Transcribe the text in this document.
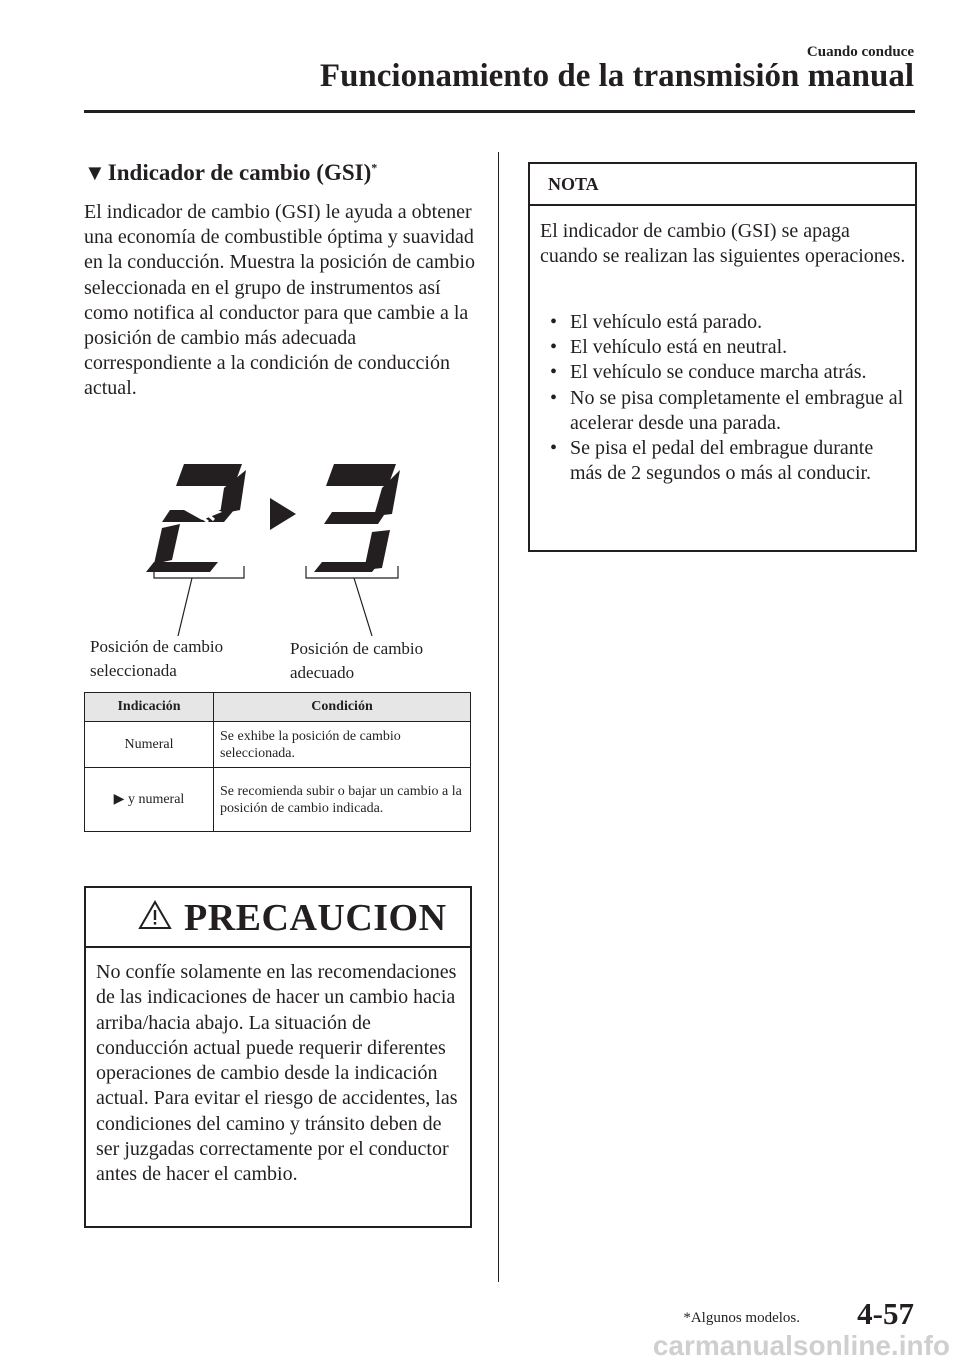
Cuando conduce
Funcionamiento de la transmisión manual
▼Indicador de cambio (GSI)*
El indicador de cambio (GSI) le ayuda a obtener una economía de combustible óptima y suavidad en la conducción. Muestra la posición de cambio seleccionada en el grupo de instrumentos así como notifica al conductor para que cambie a la posición de cambio más adecuada correspondiente a la condición de conducción actual.
Posición de cambio
seleccionada
Posición de cambio
adecuado
Indicación	Condición
Numeral	Se exhibe la posición de cambio seleccionada.
▶ y numeral	Se recomienda subir o bajar un cambio a la posición de cambio indicada.
PRECAUCION
No confíe solamente en las recomendaciones de las indicaciones de hacer un cambio hacia arriba/hacia abajo. La situación de conducción actual puede requerir diferentes operaciones de cambio desde la indicación actual. Para evitar el riesgo de accidentes, las condiciones del camino y tránsito deben de ser juzgadas correctamente por el conductor antes de hacer el cambio.
NOTA
El indicador de cambio (GSI) se apaga cuando se realizan las siguientes operaciones.
• El vehículo está parado.
• El vehículo está en neutral.
• El vehículo se conduce marcha atrás.
• No se pisa completamente el embrague al acelerar desde una parada.
• Se pisa el pedal del embrague durante más de 2 segundos o más al conducir.
*Algunos modelos. 4-57
carmanualsonline.info
